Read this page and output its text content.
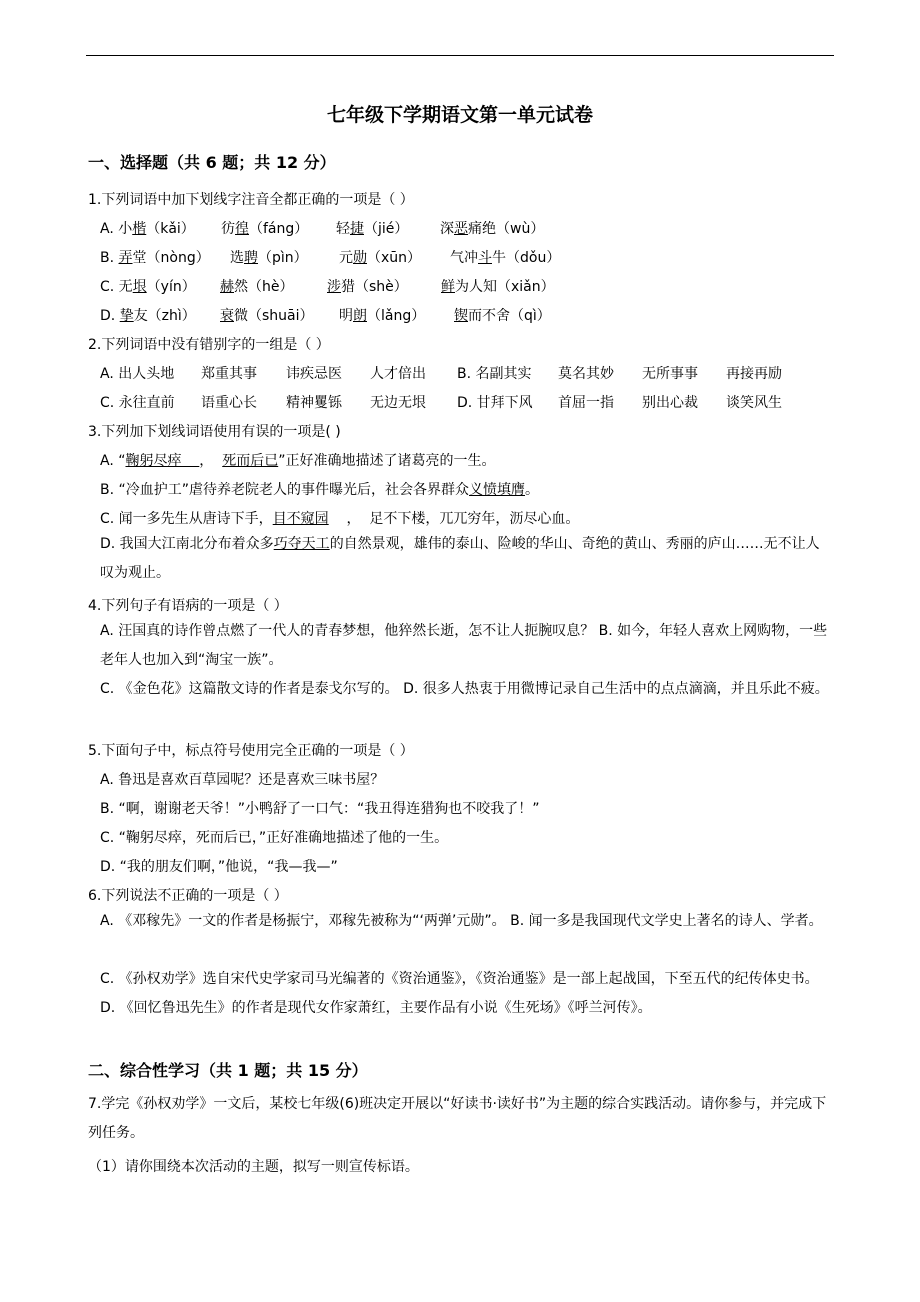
七年级下学期语文第一单元试卷
一、选择题（共 6 题；共 12 分）
1.下列词语中加下划线字注音全都正确的一项是（ ）
A. 小楷（kǎi） 彷徨（fáng） 轻捷（jié） 深恶痛绝（wù）
B. 弄堂（nòng） 选聘（pìn） 元勋（xūn） 气冲斗牛（dǒu）
C. 无垠（yín） 赫然（hè） 涉猎（shè） 鲜为人知（xiǎn）
D. 挚友（zhì） 衰微（shuāi） 明朗（lǎng） 锲而不舍（qì）
2.下列词语中没有错别字的一组是（ ）
A. 出人头地 郑重其事 讳疾忌医 人才倍出 B. 名副其实 莫名其妙 无所事事 再接再励
C. 永往直前 语重心长 精神矍铄 无边无垠 D. 甘拜下风 首屈一指 别出心裁 谈笑风生
3.下列加下划线词语使用有误的一项是( )
A. “鞠躬尽瘁    ，  死而后已”正好准确地描述了诸葛亮的一生。
B. “冷血护工”虐待养老院老人的事件曝光后，社会各界群众义愤填膺。
C. 闻一多先生从唐诗下手，目不窥园    ，  足不下楼，兀兀穷年，沥尽心血。
D. 我国大江南北分布着众多巧夺天工的自然景观，雄伟的泰山、险峻的华山、奇绝的黄山、秀丽的庐山……无不让人叹为观止。
4.下列句子有语病的一项是（ ）
A. 汪国真的诗作曾点燃了一代人的青春梦想，他猝然长逝，怎不让人扼腕叹息？ B. 如今，年轻人喜欢上网购物，一些老年人也加入到“淘宝一族”。
C. 《金色花》这篇散文诗的作者是泰戈尔写的。 D. 很多人热衷于用微博记录自己生活中的点点滴滴，并且乐此不疲。
5.下面句子中，标点符号使用完全正确的一项是（ ）
A. 鲁迅是喜欢百草园呢？还是喜欢三味书屋？
B. “啊，谢谢老天爷！”小鸭舒了一口气：“我丑得连猎狗也不咬我了！”
C. “鞠躬尽瘁，死而后已，”正好准确地描述了他的一生。
D. “我的朋友们啊，”他说，“我—我—”
6.下列说法不正确的一项是（ ）
A. 《邓稼先》一文的作者是杨振宁，邓稼先被称为“‘两弹’元勋”。 B. 闻一多是我国现代文学史上著名的诗人、学者。
C. 《孙权劝学》选自宋代史学家司马光编著的《资治通鉴》，《资治通鉴》是一部上起战国，下至五代的纪传体史书。 D. 《回忆鲁迅先生》的作者是现代女作家萧红，主要作品有小说《生死场》《呼兰河传》。
二、综合性学习（共 1 题；共 15 分）
7.学完《孙权劝学》一文后，某校七年级(6)班决定开展以“好读书·读好书”为主题的综合实践活动。请你参与，并完成下列任务。
（1）请你围绕本次活动的主题，拟写一则宣传标语。
